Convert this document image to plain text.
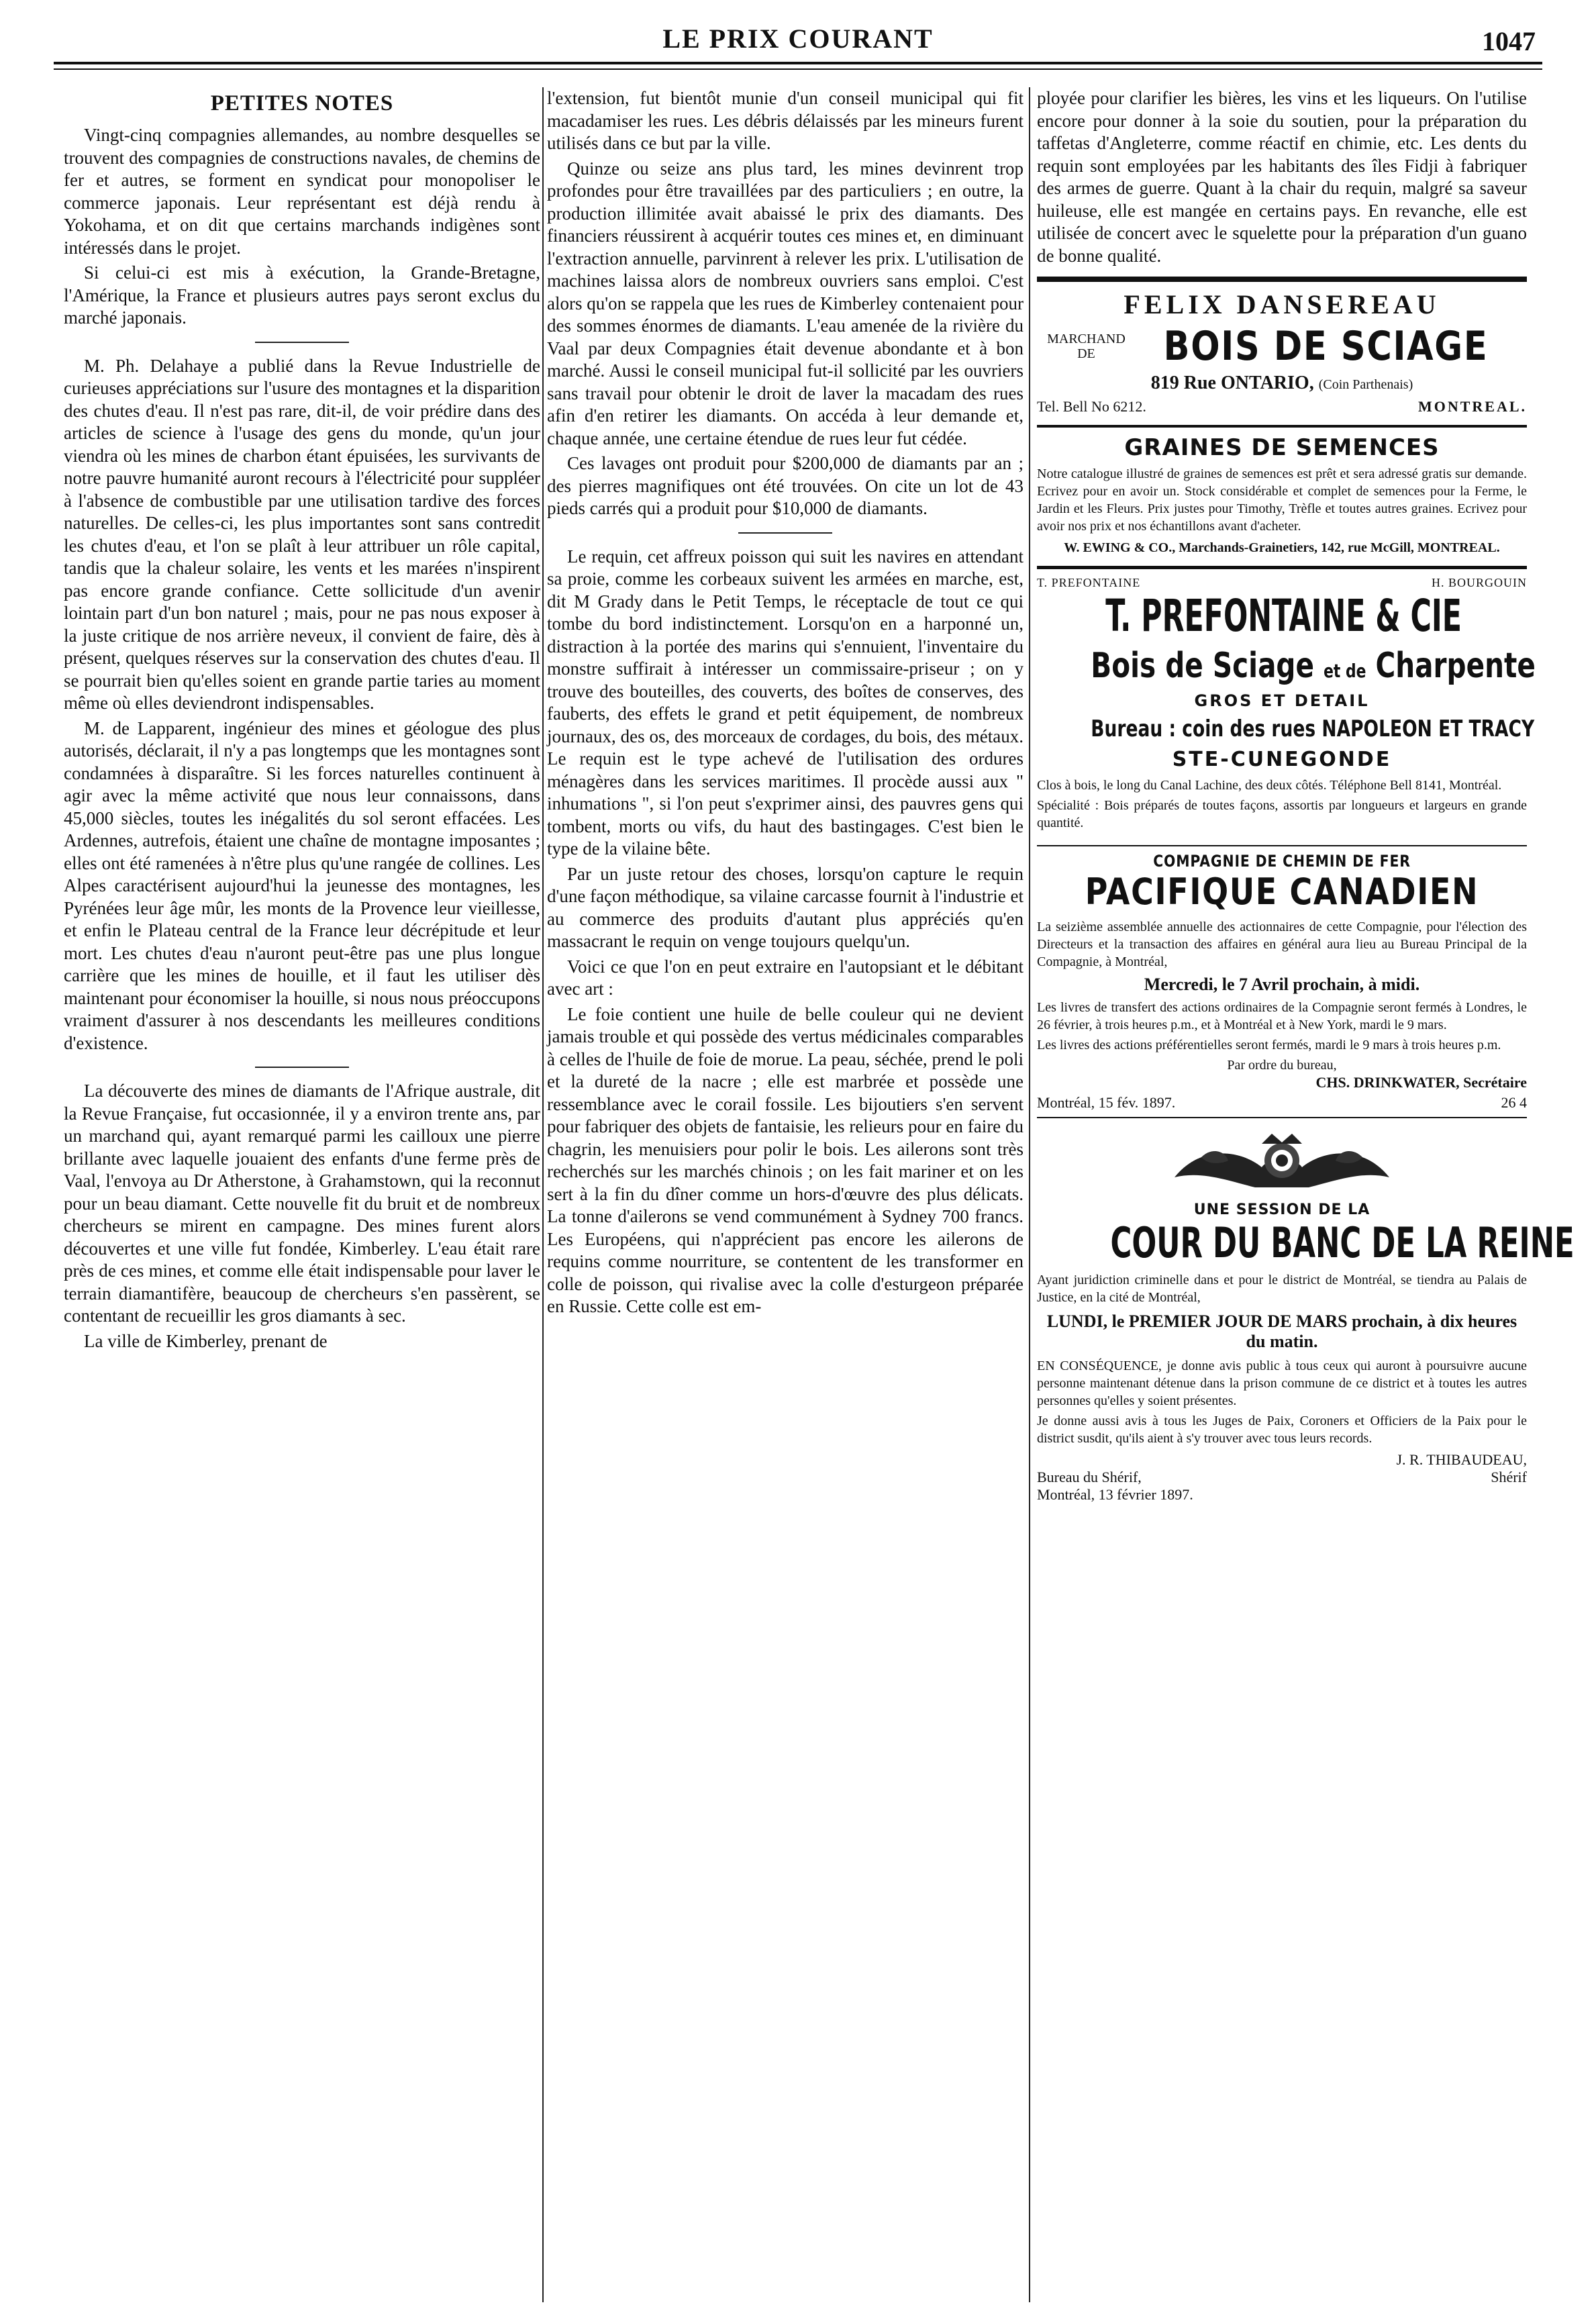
LE PRIX COURANT	1047
PETITES NOTES

Vingt-cinq compagnies allemandes, au nombre desquelles se trouvent des compagnies de constructions navales, de chemins de fer et autres, se forment en syndicat pour monopoliser le commerce japonais. Leur représentant est déjà rendu à Yokohama, et on dit que certains marchands indigènes sont intéressés dans le projet.

Si celui-ci est mis à exécution, la Grande-Bretagne, l'Amérique, la France et plusieurs autres pays seront exclus du marché japonais.

M. Ph. Delahaye a publié dans la Revue Industrielle de curieuses appréciations sur l'usure des montagnes et la disparition des chutes d'eau. Il n'est pas rare, dit-il, de voir prédire dans des articles de science à l'usage des gens du monde, qu'un jour viendra où les mines de charbon étant épuisées, les survivants de notre pauvre humanité auront recours à l'électricité pour suppléer à l'absence de combustible par une utilisation tardive des forces naturelles. De celles-ci, les plus importantes sont sans contredit les chutes d'eau, et l'on se plaît à leur attribuer un rôle capital, tandis que la chaleur solaire, les vents et les marées n'inspirent pas encore grande confiance. Cette sollicitude d'un avenir lointain part d'un bon naturel ; mais, pour ne pas nous exposer à la juste critique de nos arrière neveux, il convient de faire, dès à présent, quelques réserves sur la conservation des chutes d'eau. Il se pourrait bien qu'elles soient en grande partie taries au moment même où elles deviendront indispensables.

M. de Lapparent, ingénieur des mines et géologue des plus autorisés, déclarait, il n'y a pas longtemps que les montagnes sont condamnées à disparaître. Si les forces naturelles continuent à agir avec la même activité que nous leur connaissons, dans 45,000 siècles, toutes les inégalités du sol seront effacées. Les Ardennes, autrefois, étaient une chaîne de montagne imposantes ; elles ont été ramenées à n'être plus qu'une rangée de collines. Les Alpes caractérisent aujourd'hui la jeunesse des montagnes, les Pyrénées leur âge mûr, les monts de la Provence leur vieillesse, et enfin le Plateau central de la France leur décrépitude et leur mort. Les chutes d'eau n'auront peut-être pas une plus longue carrière que les mines de houille, et il faut les utiliser dès maintenant pour économiser la houille, si nous nous préoccupons vraiment d'assurer à nos descendants les meilleures conditions d'existence.

La découverte des mines de diamants de l'Afrique australe, dit la Revue Française, fut occasionnée, il y a environ trente ans, par un marchand qui, ayant remarqué parmi les cailloux une pierre brillante avec laquelle jouaient des enfants d'une ferme près de Vaal, l'envoya au Dr Atherstone, à Grahamstown, qui la reconnut pour un beau diamant. Cette nouvelle fit du bruit et de nombreux chercheurs se mirent en campagne. Des mines furent alors découvertes et une ville fut fondée, Kimberley. L'eau était rare près de ces mines, et comme elle était indispensable pour laver le terrain diamantifère, beaucoup de chercheurs s'en passèrent, se contentant de recueillir les gros diamants à sec.

La ville de Kimberley, prenant de

l'extension, fut bientôt munie d'un conseil municipal qui fit macadamiser les rues. Les débris délaissés par les mineurs furent utilisés dans ce but par la ville.

Quinze ou seize ans plus tard, les mines devinrent trop profondes pour être travaillées par des particuliers ; en outre, la production illimitée avait abaissé le prix des diamants. Des financiers réussirent à acquérir toutes ces mines et, en diminuant l'extraction annuelle, parvinrent à relever les prix. L'utilisation de machines laissa alors de nombreux ouvriers sans emploi. C'est alors qu'on se rappela que les rues de Kimberley contenaient pour des sommes énormes de diamants. L'eau amenée de la rivière du Vaal par deux Compagnies était devenue abondante et à bon marché. Aussi le conseil municipal fut-il sollicité par les ouvriers sans travail pour obtenir le droit de laver la macadam des rues afin d'en retirer les diamants. On accéda à leur demande et, chaque année, une certaine étendue de rues leur fut cédée.

Ces lavages ont produit pour $200,000 de diamants par an ; des pierres magnifiques ont été trouvées. On cite un lot de 43 pieds carrés qui a produit pour $10,000 de diamants.

Le requin, cet affreux poisson qui suit les navires en attendant sa proie, comme les corbeaux suivent les armées en marche, est, dit M Grady dans le Petit Temps, le réceptacle de tout ce qui tombe du bord indistinctement. Lorsqu'on en a harponné un, distraction à la portée des marins qui s'ennuient, l'inventaire du monstre suffirait à intéresser un commissaire-priseur ; on y trouve des bouteilles, des couverts, des boîtes de conserves, des fauberts, des effets le grand et petit équipement, de nombreux journaux, des os, des morceaux de cordages, du bois, des métaux. Le requin est le type achevé de l'utilisation des ordures ménagères dans les services maritimes. Il procède aussi aux " inhumations ", si l'on peut s'exprimer ainsi, des pauvres gens qui tombent, morts ou vifs, du haut des bastingages. C'est bien le type de la vilaine bête.

Par un juste retour des choses, lorsqu'on capture le requin d'une façon méthodique, sa vilaine carcasse fournit à l'industrie et au commerce des produits d'autant plus appréciés qu'en massacrant le requin on venge toujours quelqu'un.

Voici ce que l'on en peut extraire en l'autopsiant et le débitant avec art :

Le foie contient une huile de belle couleur qui ne devient jamais trouble et qui possède des vertus médicinales comparables à celles de l'huile de foie de morue. La peau, séchée, prend le poli et la dureté de la nacre ; elle est marbrée et possède une ressemblance avec le corail fossile. Les bijoutiers s'en servent pour fabriquer des objets de fantaisie, les relieurs pour en faire du chagrin, les menuisiers pour polir le bois. Les ailerons sont très recherchés sur les marchés chinois ; on les fait mariner et on les sert à la fin du dîner comme un hors-d'œuvre des plus délicats. La tonne d'ailerons se vend communément à Sydney 700 francs. Les Européens, qui n'apprécient pas encore les ailerons de requins comme nourriture, se contentent de les transformer en colle de poisson, qui rivalise avec la colle d'esturgeon préparée en Russie. Cette colle est em-

ployée pour clarifier les bières, les vins et les liqueurs. On l'utilise encore pour donner à la soie du soutien, pour la préparation du taffetas d'Angleterre, comme réactif en chimie, etc. Les dents du requin sont employées par les habitants des îles Fidji à fabriquer des armes de guerre. Quant à la chair du requin, malgré sa saveur huileuse, elle est mangée en certains pays. En revanche, elle est utilisée de concert avec le squelette pour la préparation d'un guano de bonne qualité.

FELIX DANSEREAU
MARCHAND
DE	BOIS DE SCIAGE
819 Rue ONTARIO, (Coin Parthenais)
Tel. Bell No 6212.	MONTREAL.
GRAINES DE SEMENCES

Notre catalogue illustré de graines de semences est prêt et sera adressé gratis sur demande. Ecrivez pour en avoir un. Stock considérable et complet de semences pour la Ferme, le Jardin et les Fleurs. Prix justes pour Timothy, Trèfle et toutes autres graines. Ecrivez pour avoir nos prix et nos échantillons avant d'acheter.

W. EWING & CO., Marchands-Grainetiers, 142, rue McGill, MONTREAL.

T. PREFONTAINE	H. BOURGOUIN
T. PREFONTAINE & CIE
Bois de Sciage et de Charpente
GROS ET DETAIL
Bureau : coin des rues NAPOLEON ET TRACY
STE-CUNEGONDE

Clos à bois, le long du Canal Lachine, des deux côtés. Téléphone Bell 8141, Montréal.

Spécialité : Bois préparés de toutes façons, assortis par longueurs et largeurs en grande quantité.

COMPAGNIE DE CHEMIN DE FER
PACIFIQUE CANADIEN

La seizième assemblée annuelle des actionnaires de cette Compagnie, pour l'élection des Directeurs et la transaction des affaires en général aura lieu au Bureau Principal de la Compagnie, à Montréal,

Mercredi, le 7 Avril prochain, à midi.

Les livres de transfert des actions ordinaires de la Compagnie seront fermés à Londres, le 26 février, à trois heures p.m., et à Montréal et à New York, mardi le 9 mars.

Les livres des actions préférentielles seront fermés, mardi le 9 mars à trois heures p.m.

Par ordre du bureau,

CHS. DRINKWATER, Secrétaire
Montréal, 15 fév. 1897.	26 4
UNE SESSION DE LA
COUR DU BANC DE LA REINE

Ayant juridiction criminelle dans et pour le district de Montréal, se tiendra au Palais de Justice, en la cité de Montréal,

LUNDI, le PREMIER JOUR DE MARS prochain, à dix heures du matin.

EN CONSÉQUENCE, je donne avis public à tous ceux qui auront à poursuivre aucune personne maintenant détenue dans la prison commune de ce district et à toutes les autres personnes qu'elles y soient présentes.

Je donne aussi avis à tous les Juges de Paix, Coroners et Officiers de la Paix pour le district susdit, qu'ils aient à s'y trouver avec tous leurs records.

J. R. THIBAUDEAU,
Bureau du Shérif,	Shérif
Montréal, 13 février 1897.
